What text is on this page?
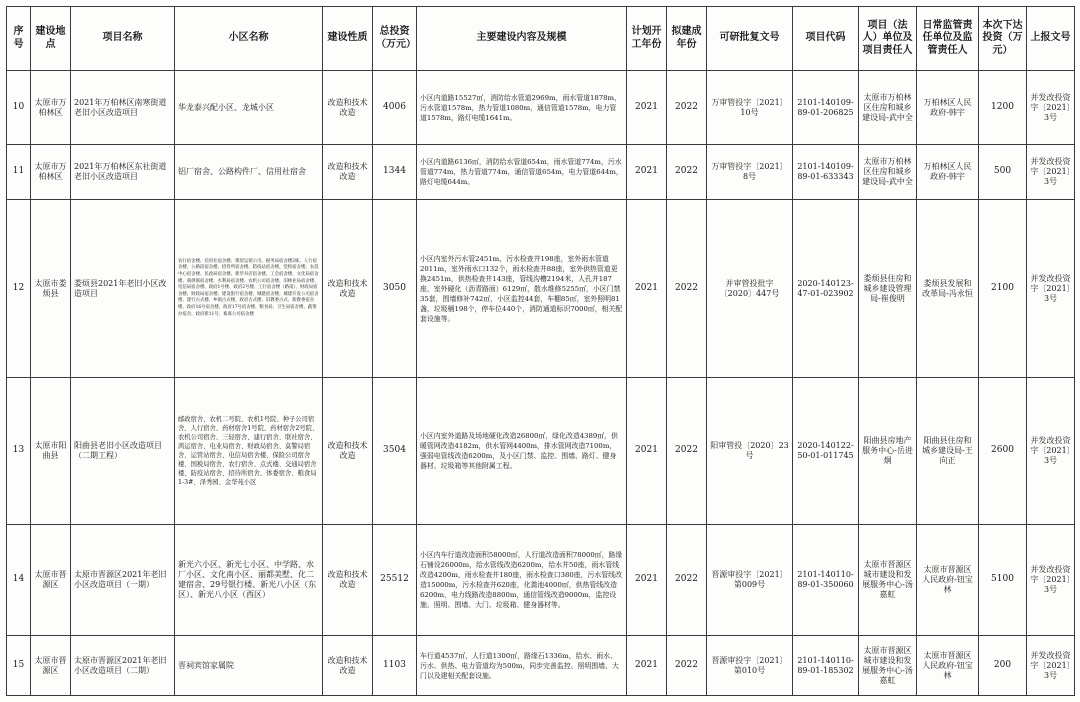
序号	建设地点	项目名称	小区名称	建设性质	总投资（万元）	主要建设内容及规模	计划开工年份	拟建成年份	可研批复文号	项目代码	项目（法人）单位及项目责任人	日常监管责任单位及监管责任人	本次下达投资（万元）	上报文号
10	太原市万柏林区	2021年万柏林区南寒街道老旧小区改造项目	华龙泰兴配小区、龙城小区	改造和技术改造	4006	小区内道路15527㎡，消防给水管道2969m，雨水管道1878m，污水管道1578m，热力管道1080m，通信管道1578m，电力管道1578m，路灯电缆1641m。	2021	2022	万审管投字〔2021〕10号	2101-140109-89-01-206825	太原市万柏林区住房和城乡建设局-武中全	万柏林区人民政府-韩宇	1200	并发改投资字〔2021〕3号
11	太原市万柏林区	2021年万柏林区东社街道老旧小区改造项目	铝厂宿舍、公路构件厂、信用社宿舍	改造和技术改造	1344	小区内道路6136㎡，消防给水管道654m，雨水管道774m，污水管道774m，热力管道774m，通信管道654m，电力管道644m，路灯电缆644m。	2021	2022	万审管投字〔2021〕8号	2101-140109-89-01-633343	太原市万柏林区住房和城乡建设局-武中全	万柏林区人民政府-韩宇	500	并发改投资字〔2021〕3号
12	太原市娄烦县	娄烦县2021年老旧小区改造项目	农行宿舍楼、信用社宿舍楼、煤炭运销公司、税务局宿舍楼2栋、人行宿舍楼、公路段宿舍楼、招待所宿舍楼、防疫站宿舍楼、党校宿舍楼、农技中心宿舍楼、民政局宿舍楼、新华书店宿舍楼、工会宿舍楼、文化局宿舍楼、商供联宿舍楼、水利局宿舍楼、农机公司宿舍楼、旧林业局宿舍楼、电信局宿舍楼、政府1号楼、政府2号楼、工行宿舍楼（路南）、财政局宿舍楼、财政局宿舍楼、建设银行宿舍楼、城建宿舍楼、城建开发公司宿舍楼、建行古式楼、乡镇古式楼、政府古式楼、旧教委古式、新教委宿舍楼、政府16号宿舍楼、政府17号宿舍楼、粮食局、卫生局宿舍楼、蔬菜办宿舍、政府新11号、畜禽公司宿舍楼	改造和技术改造	3050	小区内室外污水管2451m，污水检查井198座，室外雨水管道2011m，室外雨水口132个，雨水检查井88座，室外供热管道更换2451m，供热检查井143座，管线沟槽2194米，人孔井187座，室外硬化（沥青路面）6129㎡，散水维修5255㎡，小区门禁35套，围墙修补742㎡，小区监控44套，车棚85㎡，室外照明81盏，垃圾桶198个，停车位440个，消防通道标识7000㎡，相关配套设施等。	2021	2022	并审管投批字〔2020〕447号	2020-140123-47-01-023902	娄烦县住房和城乡建设管理局-崔俊明	娄烦县发展和改革局-冯永恒	2100	并发改投资字〔2021〕3号
13	太原市阳曲县	阳曲县老旧小区改造项目（二期工程）	邮政宿舍、农机二号院、农机1号院、种子公司宿舍、人行宿舍、药材宿舍1号院、药材宿舍2号院、农机公司宿舍、三轻宿舍、建行宿舍、联社宿舍、鸿运宿舍、电业局宿舍、财政局宿舍、莫警局宿舍、运管站宿舍、电信局宿舍楼、保险公司宿舍楼、国税局宿舍、农行宿舍、点式楼、交通局宿舍楼、防疫站宿舍、招待所宿舍、体委宿舍、粮食局1-3#、泽秀园、金华苑小区	改造和技术改造	3504	小区内室外道路及场地硬化改造26800㎡，绿化改造4389㎡，供暖管网改造4182m，供水管网4400m，排水管网改造7100m，强弱电管线改造6200m，及小区门禁、监控、围墙、路灯、健身器材、垃圾箱等其他附属工程。	2021	2022	阳审管投〔2020〕23号	2020-140122-50-01-011745	阳曲县房地产服务中心-岳进炯	阳曲县住房和城乡建设局-王向正	2600	并发改投资字〔2021〕3号
14	太原市晋源区	太原市晋源区2021年老旧小区改造项目（一期）	新光六小区、新光七小区、中学路、水厂小区、文化南小区、丽都美墅、化二建宿舍、29号银行楼、新光八小区（东区）、新光八小区（西区）	改造和技术改造	25512	小区内车行道改造面积58000㎡，人行道改造面积78000㎡，路缘石铺设26000m，给水管线改造6200m，给水井50座，雨水管线改造4200m，雨水检查井180座，雨水检查口380座，污水管线改造15000m，污水检查井620座，化粪池4000㎡，供热管线改造6200m，电力线路改造8800m，通信管线改造9000m，监控设施、照明、围墙、大门、垃圾箱、健身器材等。	2021	2022	晋源审投字〔2021〕第009号	2101-140110-89-01-350060	太原市晋源区城市建设和发展服务中心-汤嘉虹	太原市晋源区人民政府-钮宝林	5100	并发改投资字〔2021〕3号
15	太原市晋源区	太原市晋源区2021年老旧小区改造项目（二期）	晋祠宾馆家属院	改造和技术改造	1103	车行道4537㎡，人行道1300㎡，路缘石1336m，给水、雨水、污水、供热、电力管道均为500m，同步完善监控、照明围墙、大门以及建相关配套设施。	2021	2022	晋源审投字〔2021〕第010号	2101-140110-89-01-185302	太原市晋源区城市建设和发展服务中心-汤嘉虹	太原市晋源区人民政府-钮宝林	200	并发改投资字〔2021〕3号
